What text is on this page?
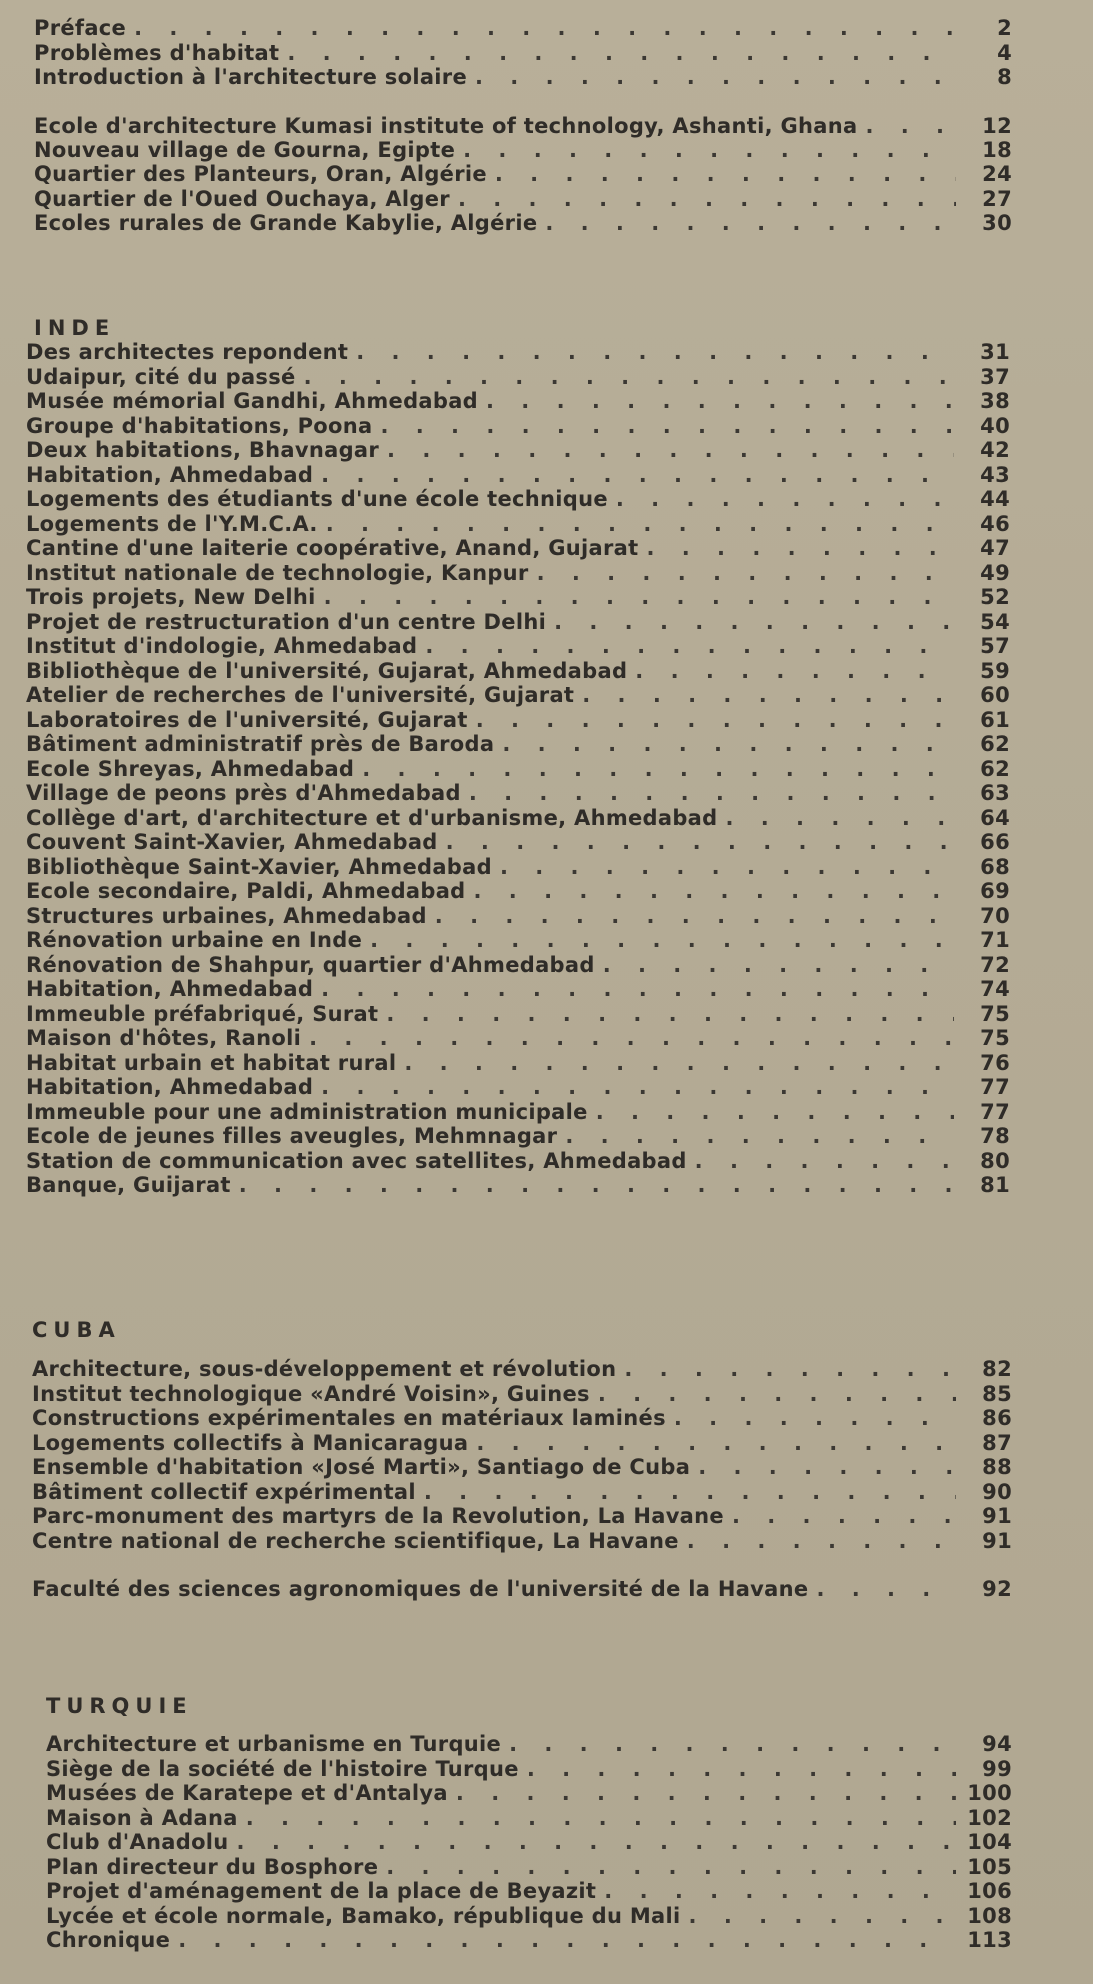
Préface . . .	2
Problèmes d'habitat . . .	4
Introduction à l'architecture solaire . . .	8
Ecole d'architecture Kumasi institute of technology, Ashanti, Ghana . . .	12
Nouveau village de Gourna, Egipte . . .	18
Quartier des Planteurs, Oran, Algérie . . .	24
Quartier de l'Oued Ouchaya, Alger . . .	27
Ecoles rurales de Grande Kabylie, Algérie . . .	30
INDE
Des architectes repondent . . .	31
Udaipur, cité du passé . . .	37
Musée mémorial Gandhi, Ahmedabad . . .	38
Groupe d'habitations, Poona . . .	40
Deux habitations, Bhavnagar . . .	42
Habitation, Ahmedabad . . .	43
Logements des étudiants d'une école technique . . .	44
Logements de l'Y.M.C.A. . . .	46
Cantine d'une laiterie coopérative, Anand, Gujarat . . .	47
Institut nationale de technologie, Kanpur . . .	49
Trois projets, New Delhi . . .	52
Projet de restructuration d'un centre Delhi . . .	54
Institut d'indologie, Ahmedabad . . .	57
Bibliothèque de l'université, Gujarat, Ahmedabad . . .	59
Atelier de recherches de l'université, Gujarat . . .	60
Laboratoires de l'université, Gujarat . . .	61
Bâtiment administratif près de Baroda . . .	62
Ecole Shreyas, Ahmedabad . . .	62
Village de peons près d'Ahmedabad . . .	63
Collège d'art, d'architecture et d'urbanisme, Ahmedabad . . .	64
Couvent Saint-Xavier, Ahmedabad . . .	66
Bibliothèque Saint-Xavier, Ahmedabad . . .	68
Ecole secondaire, Paldi, Ahmedabad . . .	69
Structures urbaines, Ahmedabad . . .	70
Rénovation urbaine en Inde . . .	71
Rénovation de Shahpur, quartier d'Ahmedabad . . .	72
Habitation, Ahmedabad . . .	74
Immeuble préfabriqué, Surat . . .	75
Maison d'hôtes, Ranoli . . .	75
Habitat urbain et habitat rural . . .	76
Habitation, Ahmedabad . . .	77
Immeuble pour une administration municipale . . .	77
Ecole de jeunes filles aveugles, Mehmnagar . . .	78
Station de communication avec satellites, Ahmedabad . . .	80
Banque, Guijarat . . .	81
CUBA
Architecture, sous-développement et révolution . . .	82
Institut technologique «André Voisin», Guines . . .	85
Constructions expérimentales en matériaux laminés . . .	86
Logements collectifs à Manicaragua . . .	87
Ensemble d'habitation «José Marti», Santiago de Cuba . . .	88
Bâtiment collectif expérimental . . .	90
Parc-monument des martyrs de la Revolution, La Havane . . .	91
Centre national de recherche scientifique, La Havane . . .	91
Faculté des sciences agronomiques de l'université de la Havane . . .	92
TURQUIE
Architecture et urbanisme en Turquie . . .	94
Siège de la société de l'histoire Turque . . .	99
Musées de Karatepe et d'Antalya . . .	100
Maison à Adana . . .	102
Club d'Anadolu . . .	104
Plan directeur du Bosphore . . .	105
Projet d'aménagement de la place de Beyazit . . .	106
Lycée et école normale, Bamako, république du Mali . . .	108
Chronique . . .	113
